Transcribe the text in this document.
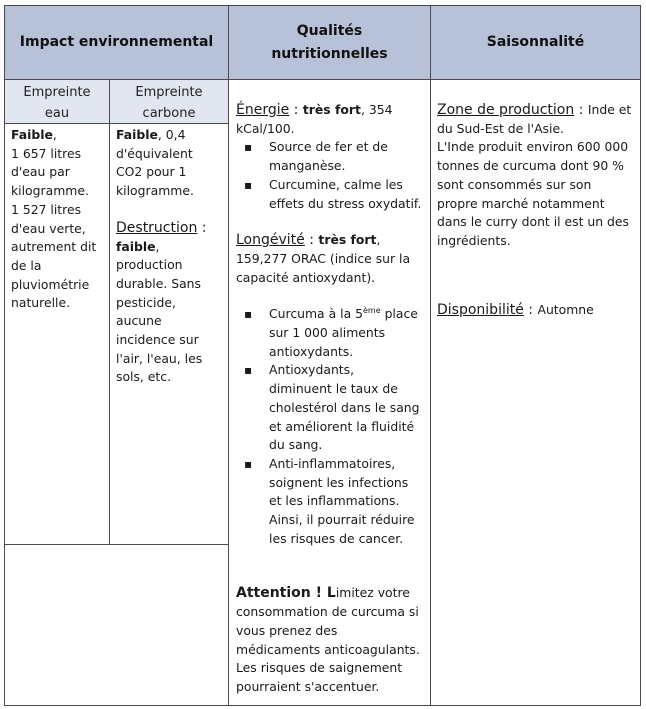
Impact environnemental
Qualités
nutritionnelles
Saisonnalité
Empreinte
eau
Empreinte
carbone

Faible,

1 657 litres

d'eau par

kilogramme.

1 527 litres

d'eau verte,

autrement dit

de la

pluviométrie

naturelle.

Faible, 0,4

d'équivalent

CO2 pour 1

kilogramme.

Destruction :

faible,

production

durable. Sans

pesticide,

aucune

incidence sur

l'air, l'eau, les

sols, etc.

Énergie : très fort, 354

kCal/100.

▪ Source de fer et de
manganèse.
▪ Curcumine, calme les
effets du stress oxydatif.

Longévité : très fort,

159,277 ORAC (indice sur la

capacité antioxydant).

▪ Curcuma à la 5ème place
sur 1 000 aliments
antioxydants.
▪ Antioxydants,
diminuent le taux de
cholestérol dans le sang
et améliorent la fluidité
du sang.
▪ Anti-inflammatoires,
soignent les infections
et les inflammations.
Ainsi, il pourrait réduire
les risques de cancer.

Attention ! Limitez votre

consommation de curcuma si

vous prenez des

médicaments anticoagulants.

Les risques de saignement

pourraient s'accentuer.

Zone de production : Inde et

du Sud-Est de l'Asie.

L'Inde produit environ 600 000

tonnes de curcuma dont 90 %

sont consommés sur son

propre marché notamment

dans le curry dont il est un des

ingrédients.

Disponibilité : Automne
